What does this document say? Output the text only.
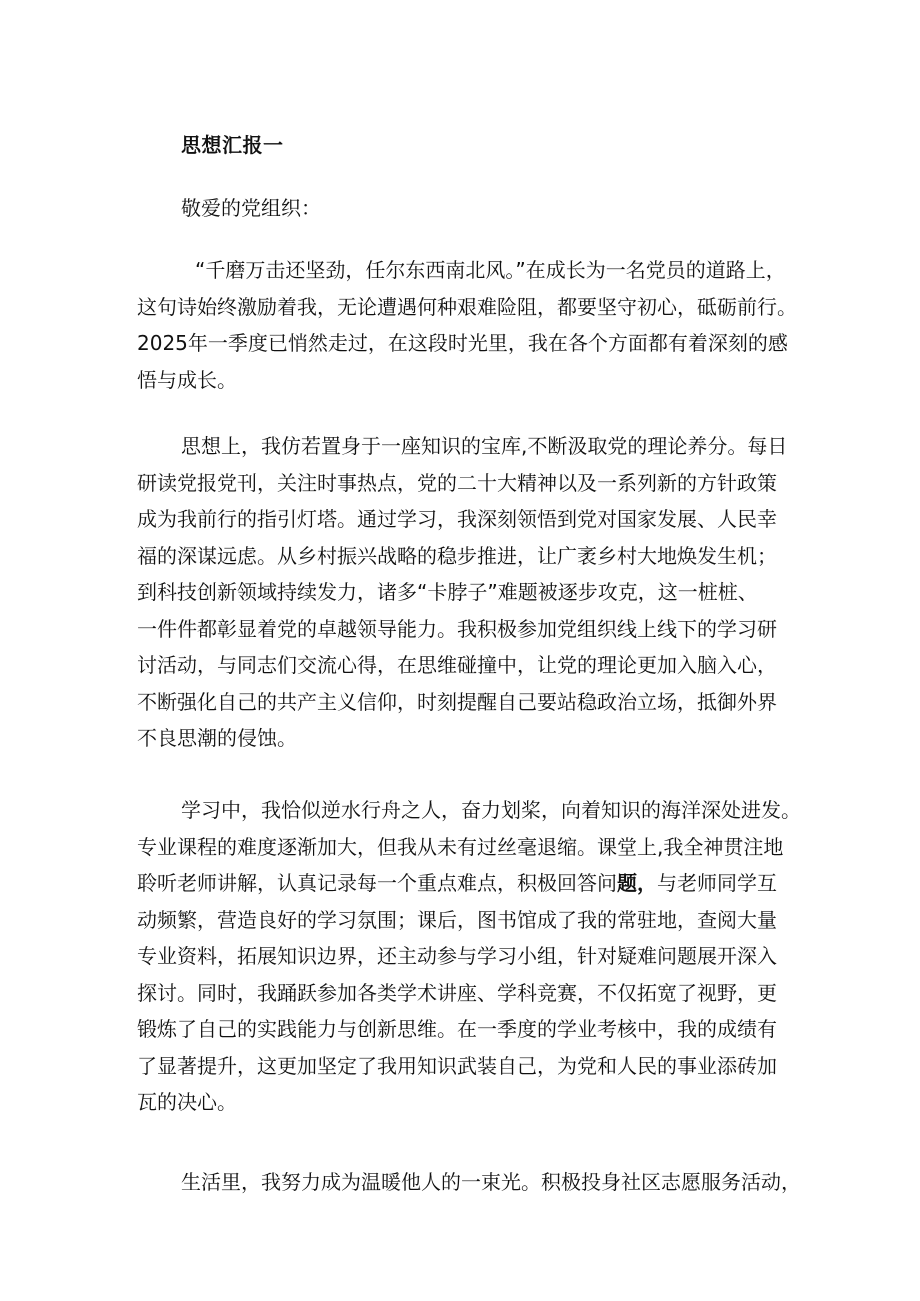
思想汇报一
敬爱的党组织：
“千磨万击还坚劲，任尔东西南北风。”在成长为一名党员的道路上，
这句诗始终激励着我，无论遭遇何种艰难险阻，都要坚守初心，砥砺前行。
2025年一季度已悄然走过，在这段时光里，我在各个方面都有着深刻的感
悟与成长。
思想上，我仿若置身于一座知识的宝库,不断汲取党的理论养分。每日
研读党报党刊，关注时事热点，党的二十大精神以及一系列新的方针政策
成为我前行的指引灯塔。通过学习，我深刻领悟到党对国家发展、人民幸
福的深谋远虑。从乡村振兴战略的稳步推进，让广袤乡村大地焕发生机；
到科技创新领域持续发力，诸多“卡脖子”难题被逐步攻克，这一桩桩、
一件件都彰显着党的卓越领导能力。我积极参加党组织线上线下的学习研
讨活动，与同志们交流心得，在思维碰撞中，让党的理论更加入脑入心，
不断强化自己的共产主义信仰，时刻提醒自己要站稳政治立场，抵御外界
不良思潮的侵蚀。
学习中，我恰似逆水行舟之人，奋力划桨，向着知识的海洋深处进发。
专业课程的难度逐渐加大，但我从未有过丝毫退缩。课堂上,我全神贯注地
聆听老师讲解，认真记录每一个重点难点，积极回答问题，与老师同学互
动频繁，营造良好的学习氛围；课后，图书馆成了我的常驻地，查阅大量
专业资料，拓展知识边界，还主动参与学习小组，针对疑难问题展开深入
探讨。同时，我踊跃参加各类学术讲座、学科竞赛，不仅拓宽了视野，更
锻炼了自己的实践能力与创新思维。在一季度的学业考核中，我的成绩有
了显著提升，这更加坚定了我用知识武装自己，为党和人民的事业添砖加
瓦的决心。
生活里，我努力成为温暖他人的一束光。积极投身社区志愿服务活动，
